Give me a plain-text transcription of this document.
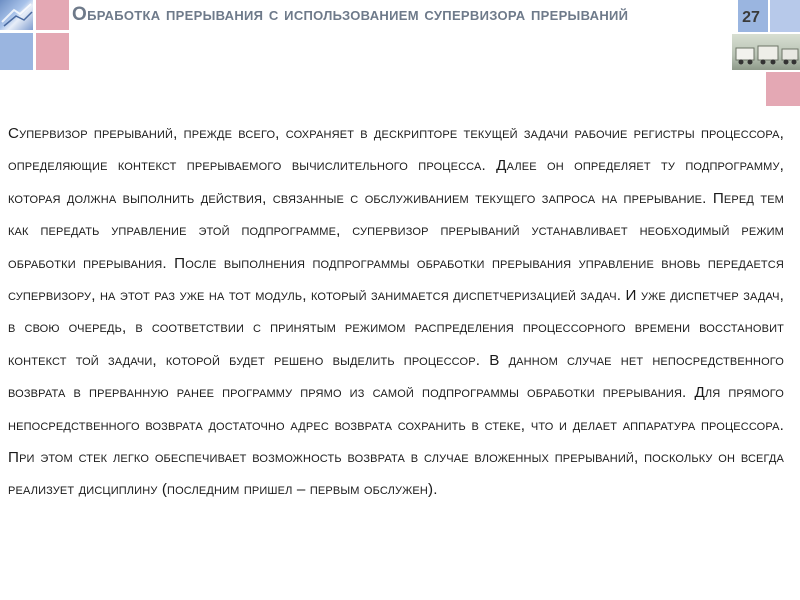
27
Обработка прерывания с использованием супервизора прерываний

Супервизор прерываний, прежде всего, сохраняет в дескрипторе текущей задачи рабочие регистры процессора, определяющие контекст прерываемого вычислительного процесса. Далее он определяет ту подпрограмму, которая должна выполнить действия, связанные с обслуживанием текущего запроса на прерывание. Перед тем как передать управление этой подпрограмме, супервизор прерываний устанавливает необходимый режим обработки прерывания. После выполнения подпрограммы обработки прерывания управление вновь передается супервизору, на этот раз уже на тот модуль, который занимается диспетчеризацией задач. И уже диспетчер задач, в свою очередь, в соответствии с принятым режимом распределения процессорного времени восстановит контекст той задачи, которой будет решено выделить процессор. В данном случае нет непосредственного возврата в прерванную ранее программу прямо из самой подпрограммы обработки прерывания. Для прямого непосредственного возврата достаточно адрес возврата сохранить в стеке, что и делает аппаратура процессора. При этом стек легко обеспечивает возможность возврата в случае вложенных прерываний, поскольку он всегда реализует дисциплину (последним пришел – первым обслужен).
